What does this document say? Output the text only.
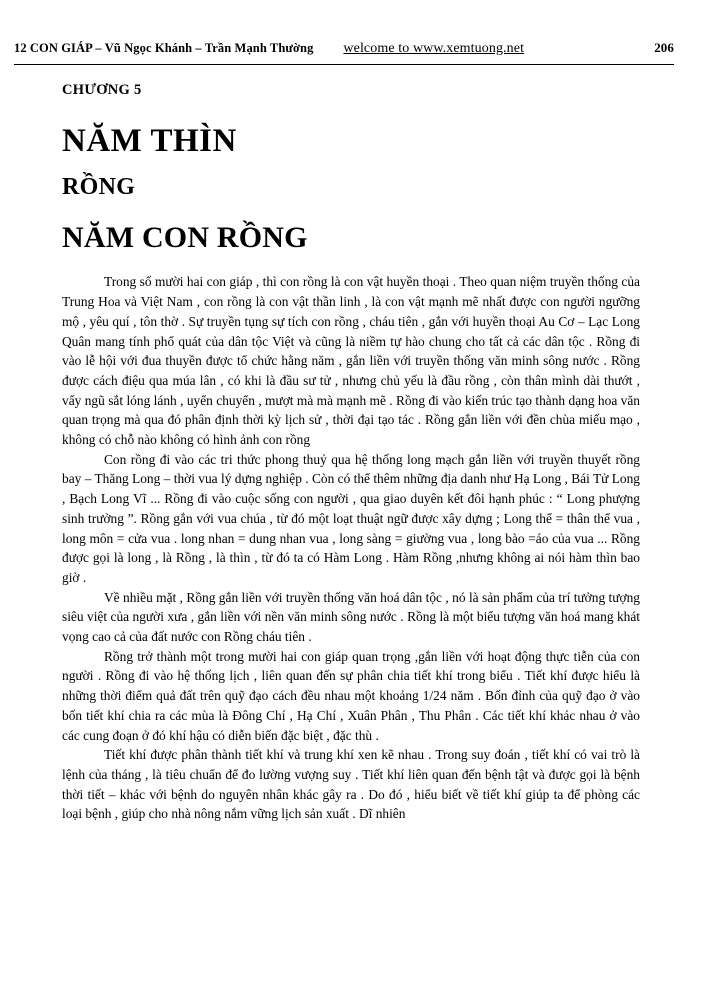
12 CON GIÁP – Vũ Ngọc Khánh – Trần Mạnh Thường welcome to www.xemtuong.net	206

CHƯƠNG 5

NĂM THÌN
RỒNG
NĂM CON RỒNG

Trong số mười hai con giáp , thì con rồng là con vật huyền thoại . Theo quan niệm truyền thống của Trung Hoa và Việt Nam , con rồng là con vật thần linh , là con vật mạnh mẽ nhất được con người ngưỡng mộ , yêu quí , tôn thờ . Sự truyền tụng sự tích con rồng , cháu tiên , gắn với huyền thoại Au Cơ – Lạc Long Quân mang tính phổ quát của dân tộc Việt và cũng là niềm tự hào chung cho tất cả các dân tộc . Rồng đi vào lễ hội với đua thuyền được tổ chức hằng năm , gắn liền với truyền thống văn minh sông nước . Rồng được cách điệu qua múa lân , có khi là đầu sư tử , nhưng chủ yếu là đầu rồng , còn thân mình dài thướt , vẩy ngũ sắt lóng lánh , uyển chuyển , mượt mà mà mạnh mẽ . Rồng đi vào kiến trúc tạo thành dạng hoa văn quan trọng mà qua đó phân định thời kỳ lịch sử , thời đại tạo tác . Rồng gắn liền với đền chùa miếu mạo , không có chỗ nào không có hình ảnh con rồng

Con rồng đi vào các tri thức phong thuỷ qua hệ thống long mạch gắn liền với truyền thuyết rồng bay – Thăng Long – thời vua lý dựng nghiệp . Còn có thể thêm những địa danh như Hạ Long , Bái Tử Long , Bạch Long Vĩ ... Rồng đi vào cuộc sống con người , qua giao duyên kết đôi hạnh phúc : “ Long phượng sinh trưởng ”. Rồng gắn với vua chúa , từ đó một loạt thuật ngữ được xây dựng ; Long thể = thân thể vua , long môn = cửa vua . long nhan = dung nhan vua , long sàng = giường vua , long bào =áo của vua ... Rồng được gọi là long , là Rồng , là thìn , từ đó ta có Hàm Long . Hàm Rồng ,nhưng không ai nói hàm thìn bao giờ .

Về nhiều mặt , Rồng gắn liền với truyền thống văn hoá dân tộc , nó là sản phẩm của trí tưởng tượng siêu việt của người xưa , gắn liền với nền văn minh sông nước . Rồng là một biểu tượng văn hoá mang khát vọng cao cả của đất nước con Rồng cháu tiên .

Rồng trở thành một trong mười hai con giáp quan trọng ,gắn liền với hoạt động thực tiễn của con người . Rồng đi vào hệ thống lịch , liên quan đến sự phân chia tiết khí trong biểu . Tiết khí được hiểu là những thời điểm quả đất trên quỹ đạo cách đều nhau một khoảng 1/24 năm . Bốn đỉnh của quỹ đạo ở vào bốn tiết khí chia ra các mùa là Đông Chí , Hạ Chí , Xuân Phân , Thu Phân . Các tiết khí khác nhau ở vào các cung đoạn ở đó khí hậu có diễn biến đặc biệt , đặc thù .

Tiết khí được phân thành tiết khí và trung khí xen kẽ nhau . Trong suy đoán , tiết khí có vai trò là lệnh của tháng , là tiêu chuẩn để đo lường vượng suy . Tiết khí liên quan đến bệnh tật và được gọi là bệnh thời tiết – khác với bệnh do nguyên nhân khác gây ra . Do đó , hiểu biết về tiết khí giúp ta để phòng các loại bệnh , giúp cho nhà nông nắm vững lịch sản xuất . Dĩ nhiên
